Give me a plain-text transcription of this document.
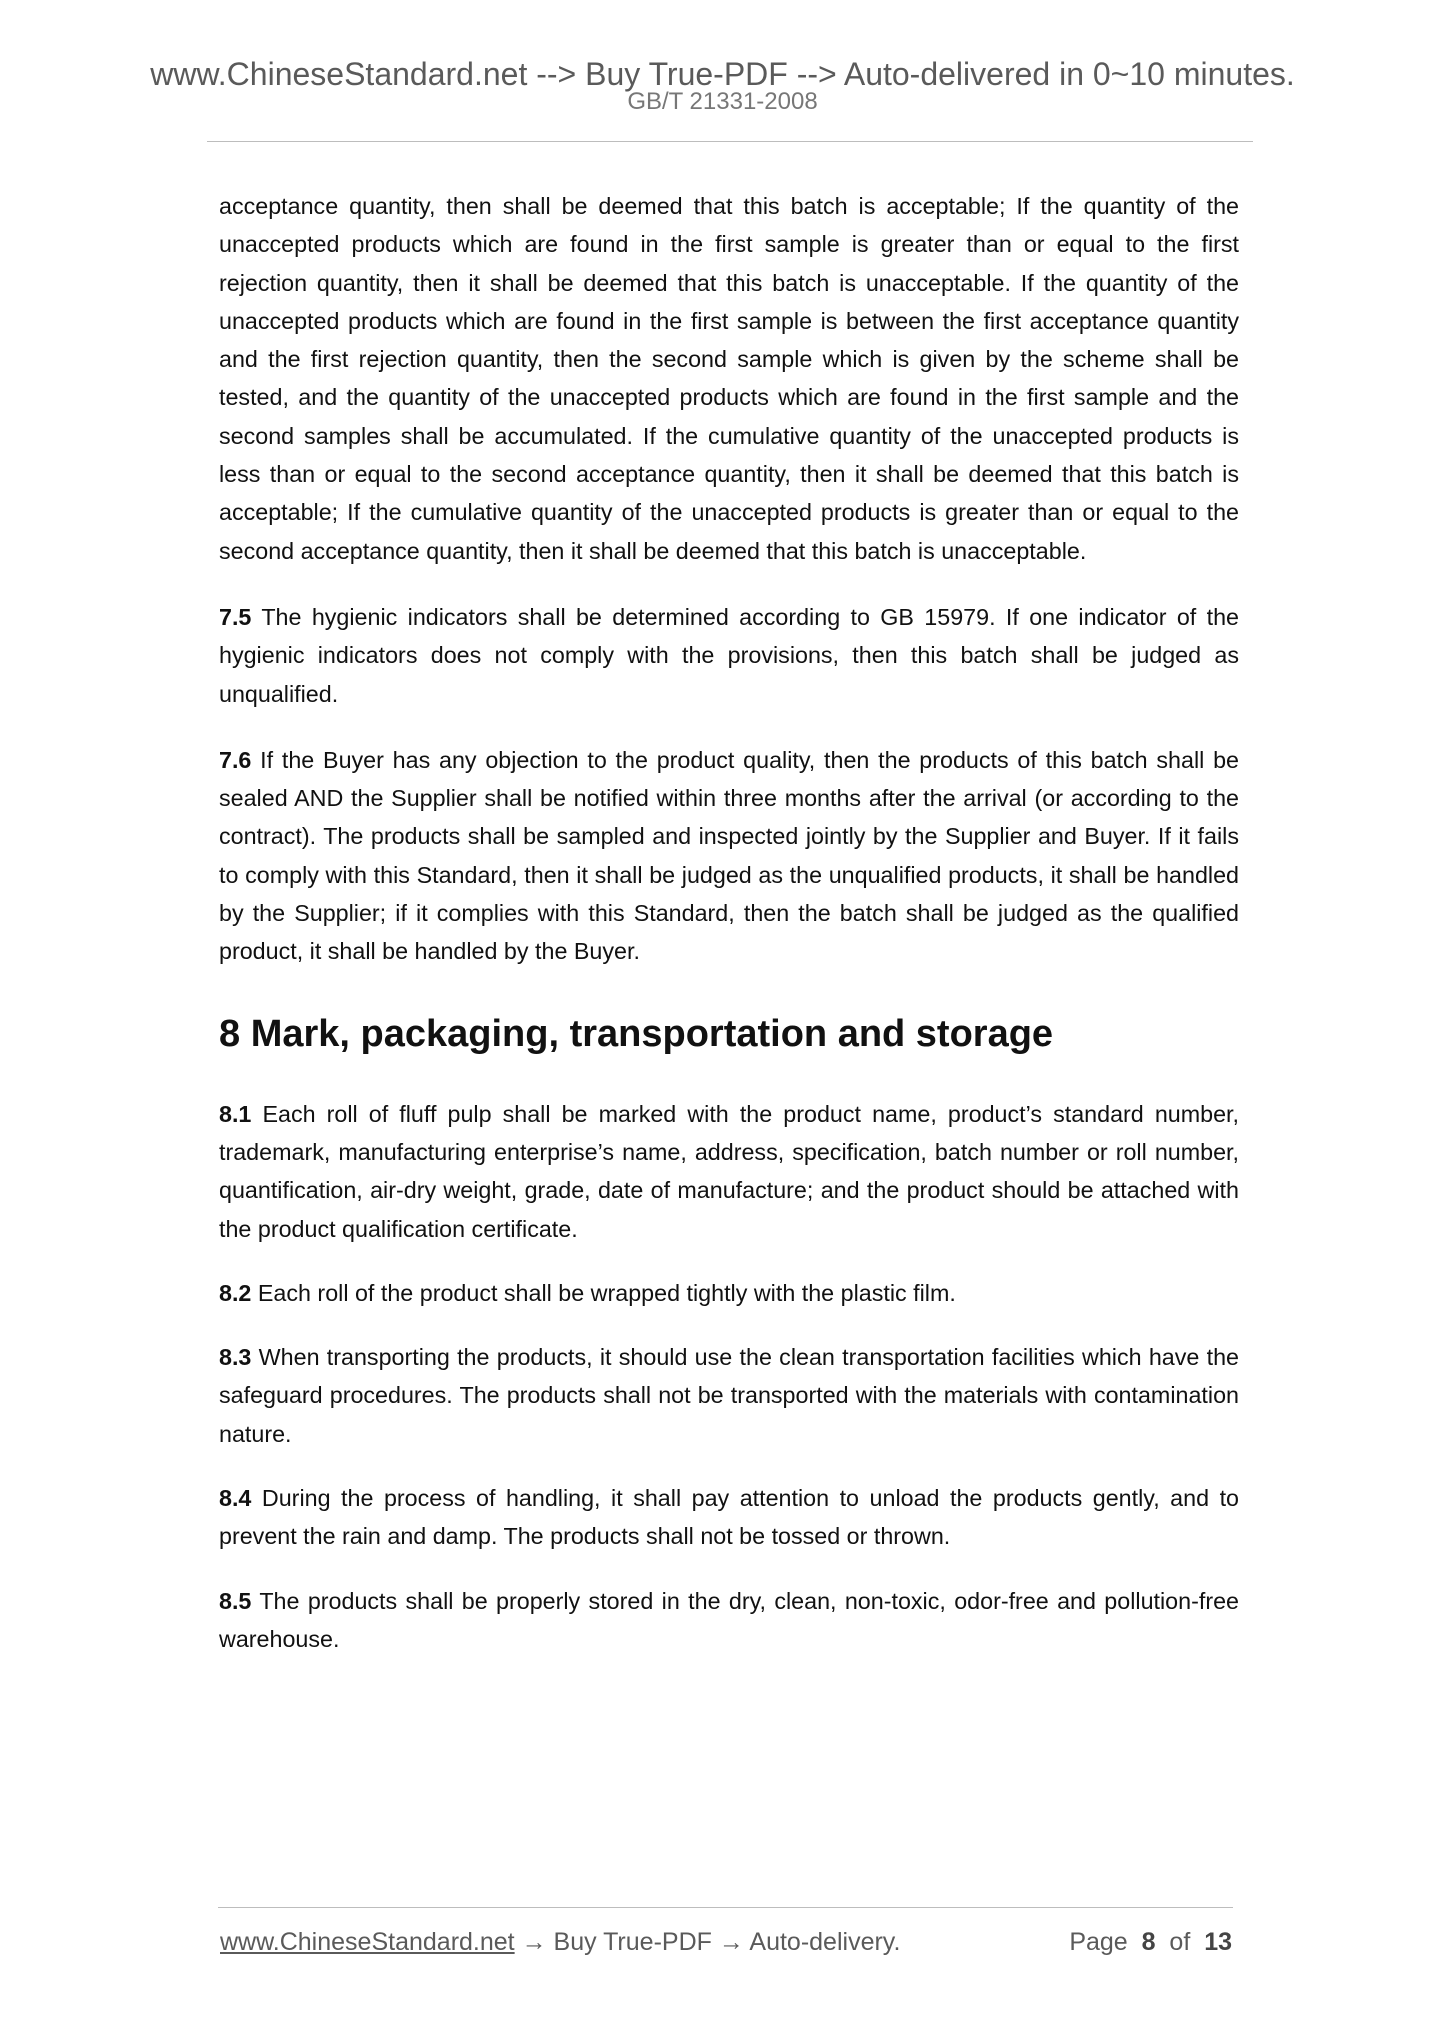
www.ChineseStandard.net --> Buy True-PDF --> Auto-delivered in 0~10 minutes.
GB/T 21331-2008

acceptance quantity, then shall be deemed that this batch is acceptable; If the quantity of the unaccepted products which are found in the first sample is greater than or equal to the first rejection quantity, then it shall be deemed that this batch is unacceptable. If the quantity of the unaccepted products which are found in the first sample is between the first acceptance quantity and the first rejection quantity, then the second sample which is given by the scheme shall be tested, and the quantity of the unaccepted products which are found in the first sample and the second samples shall be accumulated. If the cumulative quantity of the unaccepted products is less than or equal to the second acceptance quantity, then it shall be deemed that this batch is acceptable; If the cumulative quantity of the unaccepted products is greater than or equal to the second acceptance quantity, then it shall be deemed that this batch is unacceptable.

7.5 The hygienic indicators shall be determined according to GB 15979. If one indicator of the hygienic indicators does not comply with the provisions, then this batch shall be judged as unqualified.

7.6 If the Buyer has any objection to the product quality, then the products of this batch shall be sealed AND the Supplier shall be notified within three months after the arrival (or according to the contract). The products shall be sampled and inspected jointly by the Supplier and Buyer. If it fails to comply with this Standard, then it shall be judged as the unqualified products, it shall be handled by the Supplier; if it complies with this Standard, then the batch shall be judged as the qualified product, it shall be handled by the Buyer.

8 Mark, packaging, transportation and storage

8.1 Each roll of fluff pulp shall be marked with the product name, product’s standard number, trademark, manufacturing enterprise’s name, address, specification, batch number or roll number, quantification, air-dry weight, grade, date of manufacture; and the product should be attached with the product qualification certificate.

8.2 Each roll of the product shall be wrapped tightly with the plastic film.

8.3 When transporting the products, it should use the clean transportation facilities which have the safeguard procedures. The products shall not be transported with the materials with contamination nature.

8.4 During the process of handling, it shall pay attention to unload the products gently, and to prevent the rain and damp. The products shall not be tossed or thrown.

8.5 The products shall be properly stored in the dry, clean, non-toxic, odor-free and pollution-free warehouse.

www.ChineseStandard.net → Buy True-PDF → Auto-delivery.	Page 8 of 13
